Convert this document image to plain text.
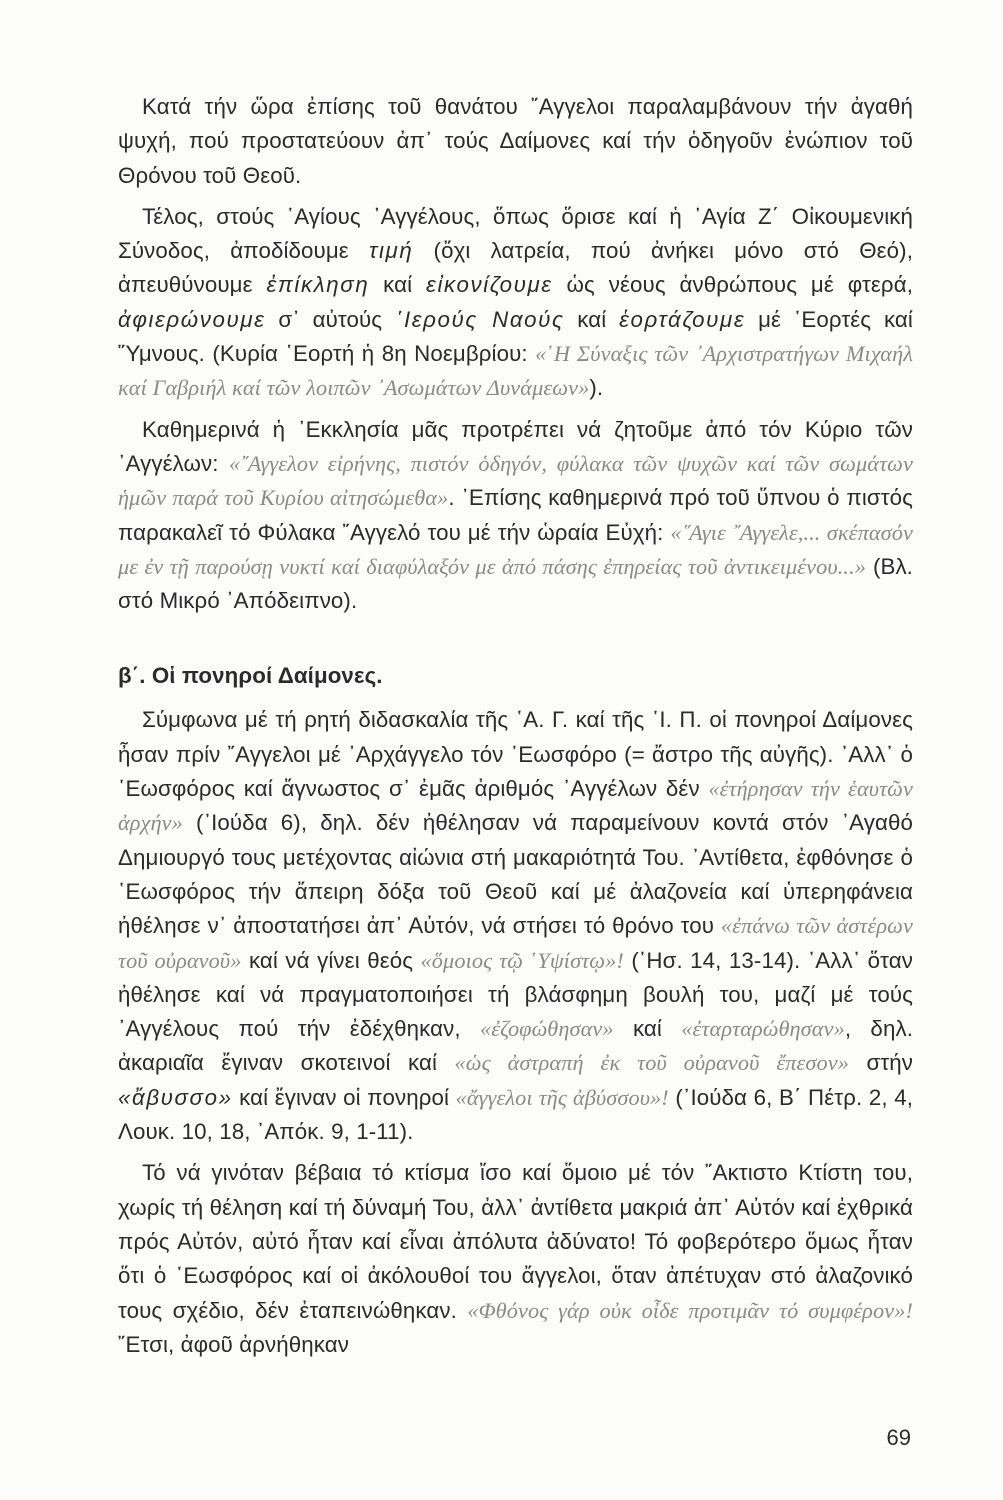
Κατά τήν ὥρα ἐπίσης τοῦ θανάτου ῎Αγγελοι παραλαμβάνουν τήν ἀγαθή ψυχή, πού προστατεύουν ἀπ᾽ τούς Δαίμονες καί τήν ὁδηγοῦν ἐνώπιον τοῦ Θρόνου τοῦ Θεοῦ.

Τέλος, στούς ῾Αγίους ᾽Αγγέλους, ὅπως ὅρισε καί ἡ ῾Αγία Ζ΄ Οἰκουμενική Σύνοδος, ἀποδίδουμε τιμή (ὄχι λατρεία, πού ἀνήκει μόνο στό Θεό), ἀπευθύνουμε ἐπίκληση καί εἰκονίζουμε ὡς νέους ἀνθρώπους μέ φτερά, ἀφιερώνουμε σ᾽ αὐτούς ῾Ιερούς Ναούς καί ἑορτάζουμε μέ ῾Εορτές καί ῞Υμνους. (Κυρία ῾Εορτή ἡ 8η Νοεμβρίου: «῾Η Σύναξις τῶν ᾽Αρχιστρατήγων Μιχαήλ καί Γαβριήλ καί τῶν λοιπῶν ᾽Ασωμάτων Δυνάμεων»).

Καθημερινά ἡ ᾽Εκκλησία μᾶς προτρέπει νά ζητοῦμε ἀπό τόν Κύριο τῶν ᾽Αγγέλων: «῎Αγγελον εἰρήνης, πιστόν ὁδηγόν, φύλακα τῶν ψυχῶν καί τῶν σωμάτων ἡμῶν παρά τοῦ Κυρίου αἰτησώμεθα». ᾽Επίσης καθημερινά πρό τοῦ ὕπνου ὁ πιστός παρακαλεῖ τό Φύλακα ῎Αγγελό του μέ τήν ὡραία Εὐχή: «῞Αγιε ῎Αγγελε,... σκέπασόν με ἐν τῇ παρούσῃ νυκτί καί διαφύλαξόν με ἀπό πάσης ἐπηρείας τοῦ ἀντικειμένου...» (Βλ. στό Μικρό ᾽Απόδειπνο).

β΄. Οἱ πονηροί Δαίμονες.

Σύμφωνα μέ τή ρητή διδασκαλία τῆς ῾Α. Γ. καί τῆς ῾Ι. Π. οἱ πονηροί Δαίμονες ἦσαν πρίν ῎Αγγελοι μέ ᾽Αρχάγγελο τόν ῾Εωσφόρο (= ἄστρο τῆς αὐγῆς). ᾽Αλλ᾽ ὁ ῾Εωσφόρος καί ἄγνωστος σ᾽ ἐμᾶς ἀριθμός ᾽Αγγέλων δέν «ἐτήρησαν τήν ἑαυτῶν ἀρχήν» (᾽Ιούδα 6), δηλ. δέν ἠθέλησαν νά παραμείνουν κοντά στόν ᾽Αγαθό Δημιουργό τους μετέχοντας αἰώνια στή μακαριότητά Του. ᾽Αντίθετα, ἐφθόνησε ὁ ῾Εωσφόρος τήν ἄπειρη δόξα τοῦ Θεοῦ καί μέ ἀλαζονεία καί ὑπερηφάνεια ἠθέλησε ν᾽ ἀποστατήσει ἀπ᾽ Αὐτόν, νά στήσει τό θρόνο του «ἐπάνω τῶν ἀστέρων τοῦ οὐρανοῦ» καί νά γίνει θεός «ὅμοιος τῷ ῾Υψίστῳ»! (῾Ησ. 14, 13-14). ᾽Αλλ᾽ ὅταν ἠθέλησε καί νά πραγματοποιήσει τή βλάσφημη βουλή του, μαζί μέ τούς ᾽Αγγέλους πού τήν ἐδέχθηκαν, «ἐζοφώθησαν» καί «ἐταρταρώθησαν», δηλ. ἀκαριαῖα ἔγιναν σκοτεινοί καί «ὡς ἀστραπή ἐκ τοῦ οὐρανοῦ ἔπεσον» στήν «ἄβυσσο» καί ἔγιναν οἱ πονηροί «ἄγγελοι τῆς ἀβύσσου»! (᾽Ιούδα 6, Β΄ Πέτρ. 2, 4, Λουκ. 10, 18, ᾽Απόκ. 9, 1-11).

Τό νά γινόταν βέβαια τό κτίσμα ἴσο καί ὅμοιο μέ τόν ῎Ακτιστο Κτίστη του, χωρίς τή θέληση καί τή δύναμή Του, ἀλλ᾽ ἀντίθετα μακριά ἀπ᾽ Αὐτόν καί ἐχθρικά πρός Αὐτόν, αὐτό ἦταν καί εἶναι ἀπόλυτα ἀδύνατο! Τό φοβερότερο ὅμως ἦταν ὅτι ὁ ῾Εωσφόρος καί οἱ ἀκόλουθοί του ἄγγελοι, ὅταν ἀπέτυχαν στό ἀλαζονικό τους σχέδιο, δέν ἐταπεινώθηκαν. «Φθόνος γάρ οὐκ οἶδε προτιμᾶν τό συμφέρον»! ῎Ετσι, ἀφοῦ ἀρνήθηκαν

69
